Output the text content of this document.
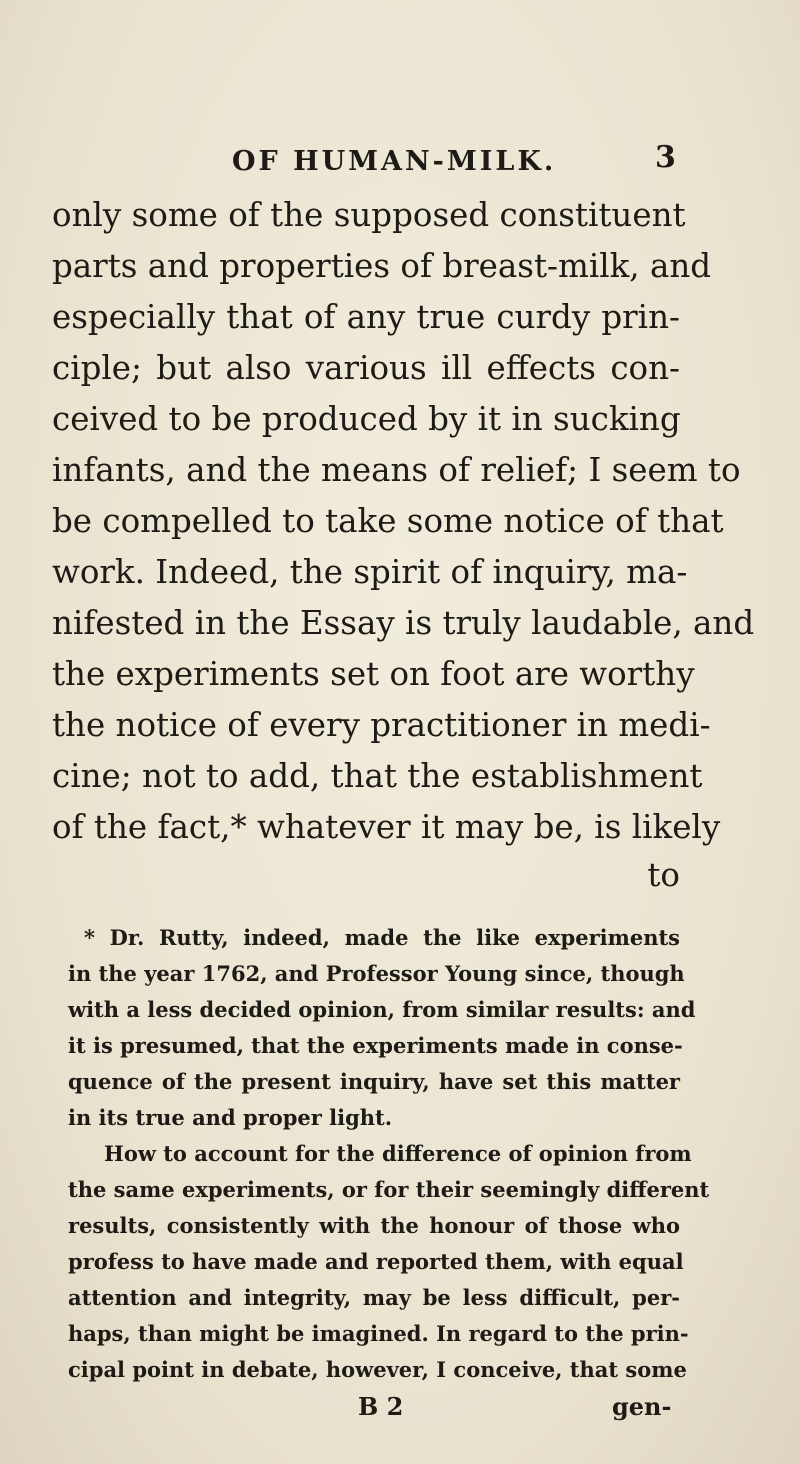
OF HUMAN-MILK.	3
only some of the supposed constituent
parts and properties of breast-milk, and
especially that of any true curdy prin-
ciple; but also various ill effects con-
ceived to be produced by it in sucking
infants, and the means of relief; I seem to
be compelled to take some notice of that
work. Indeed, the spirit of inquiry, ma-
nifested in the Essay is truly laudable, and
the experiments set on foot are worthy
the notice of every practitioner in medi-
cine; not to add, that the establishment
of the fact,* whatever it may be, is likely
to
* Dr. Rutty, indeed, made the like experiments
in the year 1762, and Professor Young since, though
with a less decided opinion, from similar results: and
it is presumed, that the experiments made in conse-
quence of the present inquiry, have set this matter
in its true and proper light.
How to account for the difference of opinion from
the same experiments, or for their seemingly different
results, consistently with the honour of those who
profess to have made and reported them, with equal
attention and integrity, may be less difficult, per-
haps, than might be imagined. In regard to the prin-
cipal point in debate, however, I conceive, that some
B 2	gen-
